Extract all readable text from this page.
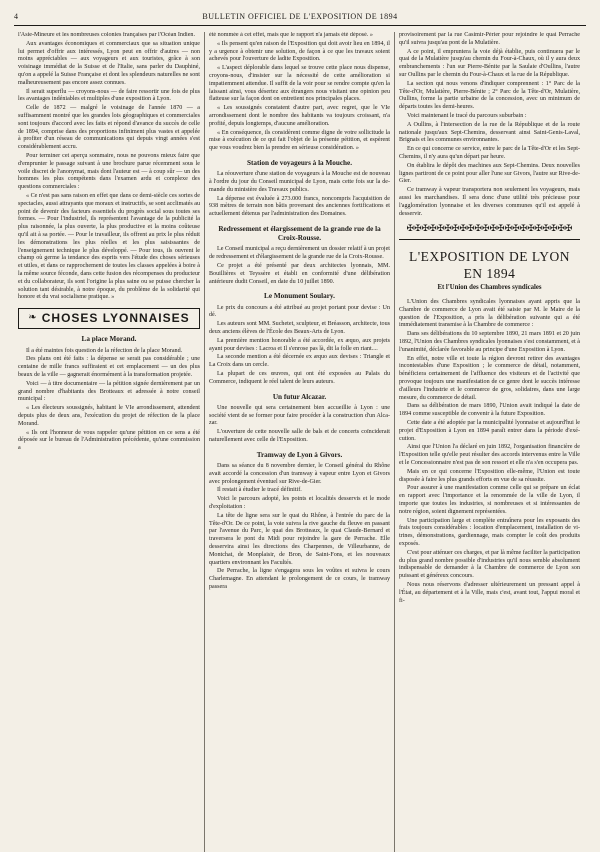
4	BULLETIN OFFICIEL DE L'EXPOSITION DE 1894

l'Asie-Mineure et les nombreuses colonies françaises par l'Océan Indien.

Aux avantages économiques et commerciaux que sa situation unique lui permet d'offrir aux intéressés, Lyon peut en offrir d'autres — non moins appréciables — aux voyageurs et aux touristes, grâce à son voisinage immédiat de la Suisse et de l'Italie, sans parler du Dauphiné, qu'on a appelé la Suisse Française et dont les splendeurs naturelles ne sont malheureusement pas encore assez connues.

Il serait superflu — croyons-nous — de faire ressortir une fois de plus les avantages indéniables et multiples d'une exposition à Lyon.

Celle de 1872 — malgré le voisinage de l'année 1870 — a suffisamment montré que les grandes lois géographiques et commerciales sont toujours d'accord avec les faits et répond d'avance du succès de celle de 1894, comprise dans des proportions infiniment plus vastes et appelée à profiter d'un réseau de communications qui depuis vingt années s'est considérablement accru.

Pour terminer cet aperçu sommaire, nous ne pouvons mieux faire que d'emprunter le passage suivant à une brochure parue récemment sous le voile discret de l'anonymat, mais dont l'auteur est — à coup sûr — un des hommes les plus compétents dans l'examen ardu et complexe des questions commerciales :

« Ce n'est pas sans raison en effet que dans ce demi-siècle ces sortes de spectacles, aussi attrayants que moraux et instructifs, se sont acclimatés au point de devenir des facteurs essentiels du progrès social sous toutes ses formes. — Pour l'industriel, ils représentent l'avantage de la publicité la plus raisonnée, la plus ouverte, la plus productive et la moins coûteuse qu'il ait à sa portée. — Pour le travailleur, ils offrent au prix le plus réduit les démonstrations les plus réelles et les plus saisissantes de l'enseignement technique le plus développé. — Pour tous, ils ouvrent le champ où germe la tendance des esprits vers l'étude des choses sérieuses et utiles, et dans ce rapprochement de toutes les classes appelées à boire à la même source féconde, dans cette fusion des récompenses du producteur et du collaborateur, ils sont l'origine la plus saine ou se puisse chercher la solution tant désirable, à notre époque, du problème de la solidarité qui honore et du vrai socialisme pratique. »

❧ CHOSES LYONNAISES
La place Morand.

Il a été maintes fois question de la réfection de la place Morand.

Des plans ont été faits : la dépense se serait pas considérable ; une centaine de mille francs suffiraient et cet emplacement — un des plus beaux de la ville — gagnerait énormément à la transformation projetée.

Voici — à titre documentaire — la pétition signée dernièrement par un grand nombre d'habitants des Brotteaux et adressée à notre conseil municipal :

« Les électeurs soussignés, habitant le VIe arrondissement, attendent depuis plus de deux ans, l'exécution du projet de réfection de la place Morand.

« Ils ont l'honneur de vous rappeler qu'une pétition en ce sens a été déposée sur le bureau de l'Administration précédente, qu'une commission a

été nommée à cet effet, mais que le rapport n'a jamais été déposé. »

« Ils pensent qu'en raison de l'Exposition qui doit avoir lieu en 1894, il y a urgence à obtenir une solution, de façon à ce que les travaux soient achevés pour l'ouverture de ladite Exposition.

« L'aspect déplorable dans lequel se trouve cette place nous dispense, croyons-nous, d'insister sur la nécessité de cette amélioration si impatiemment attendue. Il suffit de la voir pour se rendre compte qu'en la laissant ainsi, vous désertez aux étrangers nous visitant une opinion peu flatteuse sur la façon dont on entretient nos principales places.

« Les soussignés constatent d'autre part, avec regret, que le VIe arrondissement dont le nombre des habitants va toujours croissant, n'a profité, depuis longtemps, d'aucune amélioration.

« En conséquence, ils considèrent comme digne de votre sollicitude la mise à exécution de ce qui fait l'objet de la présente pétition, et espèrent que vous voudrez bien la prendre en sérieuse considération. »

Station de voyageurs à la Mouche.

La réouverture d'une station de voyageurs à la Mouche est de nouveau à l'ordre du jour du Conseil municipal de Lyon, mais cette fois sur la demande du ministère des Travaux publics.

La dépense est évaluée à 273.000 francs, noncompris l'acquisition de 938 mètres de terrain non bâtis provenant des anciennes fortifications et actuellement détenus par l'administration des Domaines.

Redressement et élargissement de la grande rue de la Croix-Rousse.

Le Conseil municipal a reçu dernièrement un dossier relatif à un projet de redressement et d'élargissement de la grande rue de la Croix-Rousse.

Ce projet a été présenté par deux architectes lyonnais, MM. Bouillières et Teyssère et établi en conformité d'une délibération antérieure dudit Conseil, en date du 10 juillet 1890.

Le Monument Soulary.

Le prix du concours a été attribué au projet portant pour devise : Un dé.

Les auteurs sont MM. Suchetet, sculpteur, et Bréasson, architecte, tous deux anciens élèves de l'École des Beaux-Arts de Lyon.

La première mention honorable a été accordée, ex æquo, aux projets ayant pour devises : Lacroa et Il s'enrose pas là, dit la folle en riant....

La seconde mention a été décernée ex æquo aux devises : Triangle et La Croix dans un cercle.

La plupart de ces œuvres, qui ont été exposées au Palais du Commerce, indiquent le réel talent de leurs auteurs.

Un futur Alcazar.

Une nouvelle qui sera certainement bien accueillie à Lyon : une société vient de se former pour faire procéder à la construction d'un Alcazar.

L'ouverture de cette nouvelle salle de bals et de concerts coïnciderait naturellement avec celle de l'Exposition.

Tramway de Lyon à Givors.

Dans sa séance du 8 novembre dernier, le Conseil général du Rhône avait accordé la concession d'un tramway à vapeur entre Lyon et Givors avec prolongement éventuel sur Rive-de-Gier.

Il restait à étudier le tracé définitif.

Voici le parcours adopté, les points et localités desservis et le mode d'exploitation :

La tête de ligne sera sur le quai du Rhône, à l'entrée du parc de la Tête-d'Or. De ce point, la voie suivra la rive gauche du fleuve en passant par l'avenue du Parc, le quai des Brotteaux, le quai Claude-Bernard et traversera le pont du Midi pour rejoindre la gare de Perrache. Elle desservira ainsi les directions des Charpennes, de Villeurbanne, de Montchat, de Monplaisir, de Bron, de Saint-Fons, et les nouveaux quartiers environnant les Facultés.

De Perrache, la ligne s'engagera sous les voûtes et suivra le cours Charlemagne. En attendant le prolongement de ce cours, le tramway passera

provisoirement par la rue Casimir-Périer pour rejoindre le quai Perrache qu'il suivra jusqu'au pont de la Mulatière.

A ce point, il empruntera la voie déjà établie, puis continuera par le quai de la Mulatière jusqu'au chemin du Four-à-Chaux, où il y aura deux embranchements : l'un sur Pierre-Bénite par la Saulaie d'Oullins, l'autre sur Oullins par le chemin du Four-à-Chaux et la rue de la République.

La section qui nous venons d'indiquer comprennent : 1° Parc de la Tête-d'Or, Mulatière, Pierre-Bénite ; 2° Parc de la Tête-d'Or, Mulatière, Oullins, forme la partie urbaine de la concession, avec un minimum de départs toutes les demi-heures.

Voici maintenant le tracé du parcours suburbain :

A Oullins, à l'intersection de la rue de la République et de la route nationale jusqu'aux Sept-Chemins, desservant ainsi Saint-Genis-Laval, Brignais et les communes environnantes.

En ce qui concerne ce service, entre le parc de la Tête-d'Or et les Sept-Chemins, il n'y aura qu'un départ par heure.

On établira le dépôt des machines aux Sept-Chemins. Deux nouvelles lignes partiront de ce point pour aller l'une sur Givors, l'autre sur Rive-de-Gier.

Ce tramway à vapeur transportera non seulement les voyageurs, mais aussi les marchandises. Il sera donc d'une utilité très précieuse pour l'agglomération lyonnaise et les diverses communes qu'il est appelé à desservir.

✠✠✠✠✠✠✠✠✠✠✠✠✠✠✠✠✠✠✠✠✠✠
L'EXPOSITION DE LYON EN 1894
Et l'Union des Chambres syndicales

L'Union des Chambres syndicales lyonnaises ayant appris que la Chambre de commerce de Lyon avait été saisie par M. le Maire de la question de l'Exposition, a pris la délibération suivante qui a été immédiatement transmise à la Chambre de commerce :

Dans ses délibérations du 10 septembre 1890, 21 mars 1891 et 20 juin 1892, l'Union des Chambres syndicales lyonnaises s'est constamment, et à l'unanimité, déclarée favorable au principe d'une Exposition à Lyon.

En effet, notre ville et toute la région devront retirer des avantages incontestables d'une Exposition ; le commerce de détail, notamment, bénéficiera certainement de l'affluence des visiteurs et de l'activité que provoque toujours une manifestation de ce genre dont le succès intéresse d'ailleurs l'industrie et le commerce de gros, solidaires, dans une large mesure, du commerce de détail.

Dans sa délibération de mars 1890, l'Union avait indiqué la date de 1894 comme susceptible de convenir à la future Exposition.

Cette date a été adoptée par la municipalité lyonnaise et aujourd'hui le projet d'Exposition à Lyon en 1894 paraît entrer dans la période d'exécution.

Ainsi que l'Union l'a déclaré en juin 1892, l'organisation financière de l'Exposition telle qu'elle peut résulter des accords intervenus entre la Ville et le Concessionnaire n'est pas de son ressort et elle n'a s'en occupera pas.

Mais en ce qui concerne l'Exposition elle-même, l'Union est toute disposée à faire les plus grands efforts en vue de sa réussite.

Pour assurer à une manifestation comme celle qui se prépare un éclat en rapport avec l'importance et la renommée de la ville de Lyon, il importe que toutes les industries, si nombreuses et si intéressantes de notre région, soient dignement représentées.

Une participation large et complète entraînera pour les exposants des frais toujours considérables : location d'emplacement, installation de vitrines, démonstrations, gardiennage, mais compter le coût des produits exposés.

C'est pour atténuer ces charges, et par là même faciliter la participation du plus grand nombre possible d'industries qu'il nous semble absolument indispensable de demander à la Chambre de commerce de Lyon son puissant et généreux concours.

Nous nous réservons d'adresser ultérieurement un pressant appel à l'État, au département et à la Ville, mais c'est, avant tout, l'appui moral et fi-
